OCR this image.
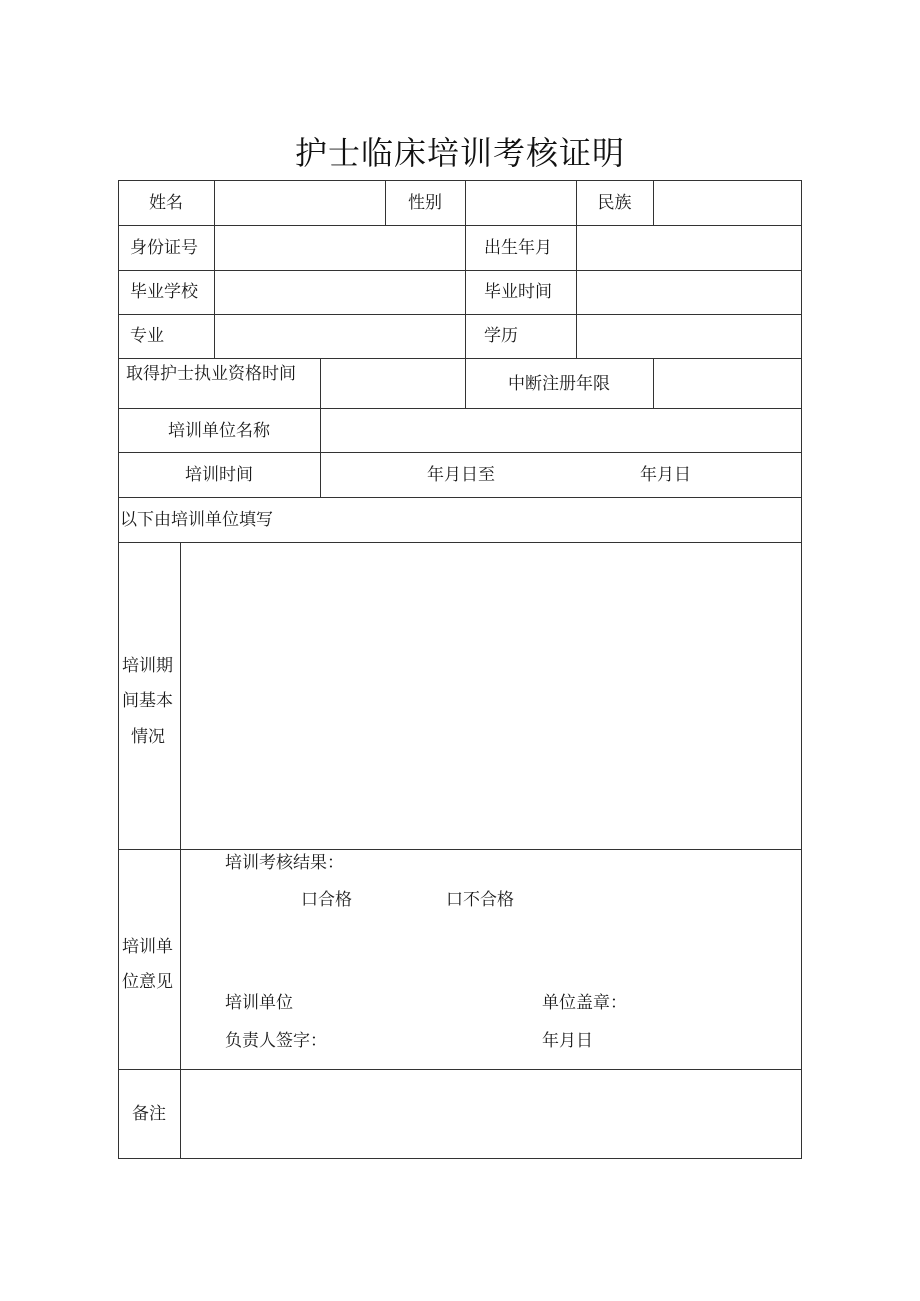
护士临床培训考核证明
姓名	性别	民族
身份证号	出生年月
毕业学校	毕业时间
专业	学历
取得护士执业资格时间	中断注册年限
培训单位名称
培训时间	年月日至	年月日
以下由培训单位填写
培训期
间基本
情况
培训单
位意见
培训考核结果：
口合格	口不合格
培训单位	单位盖章：
负责人签字：	年月日
备注
